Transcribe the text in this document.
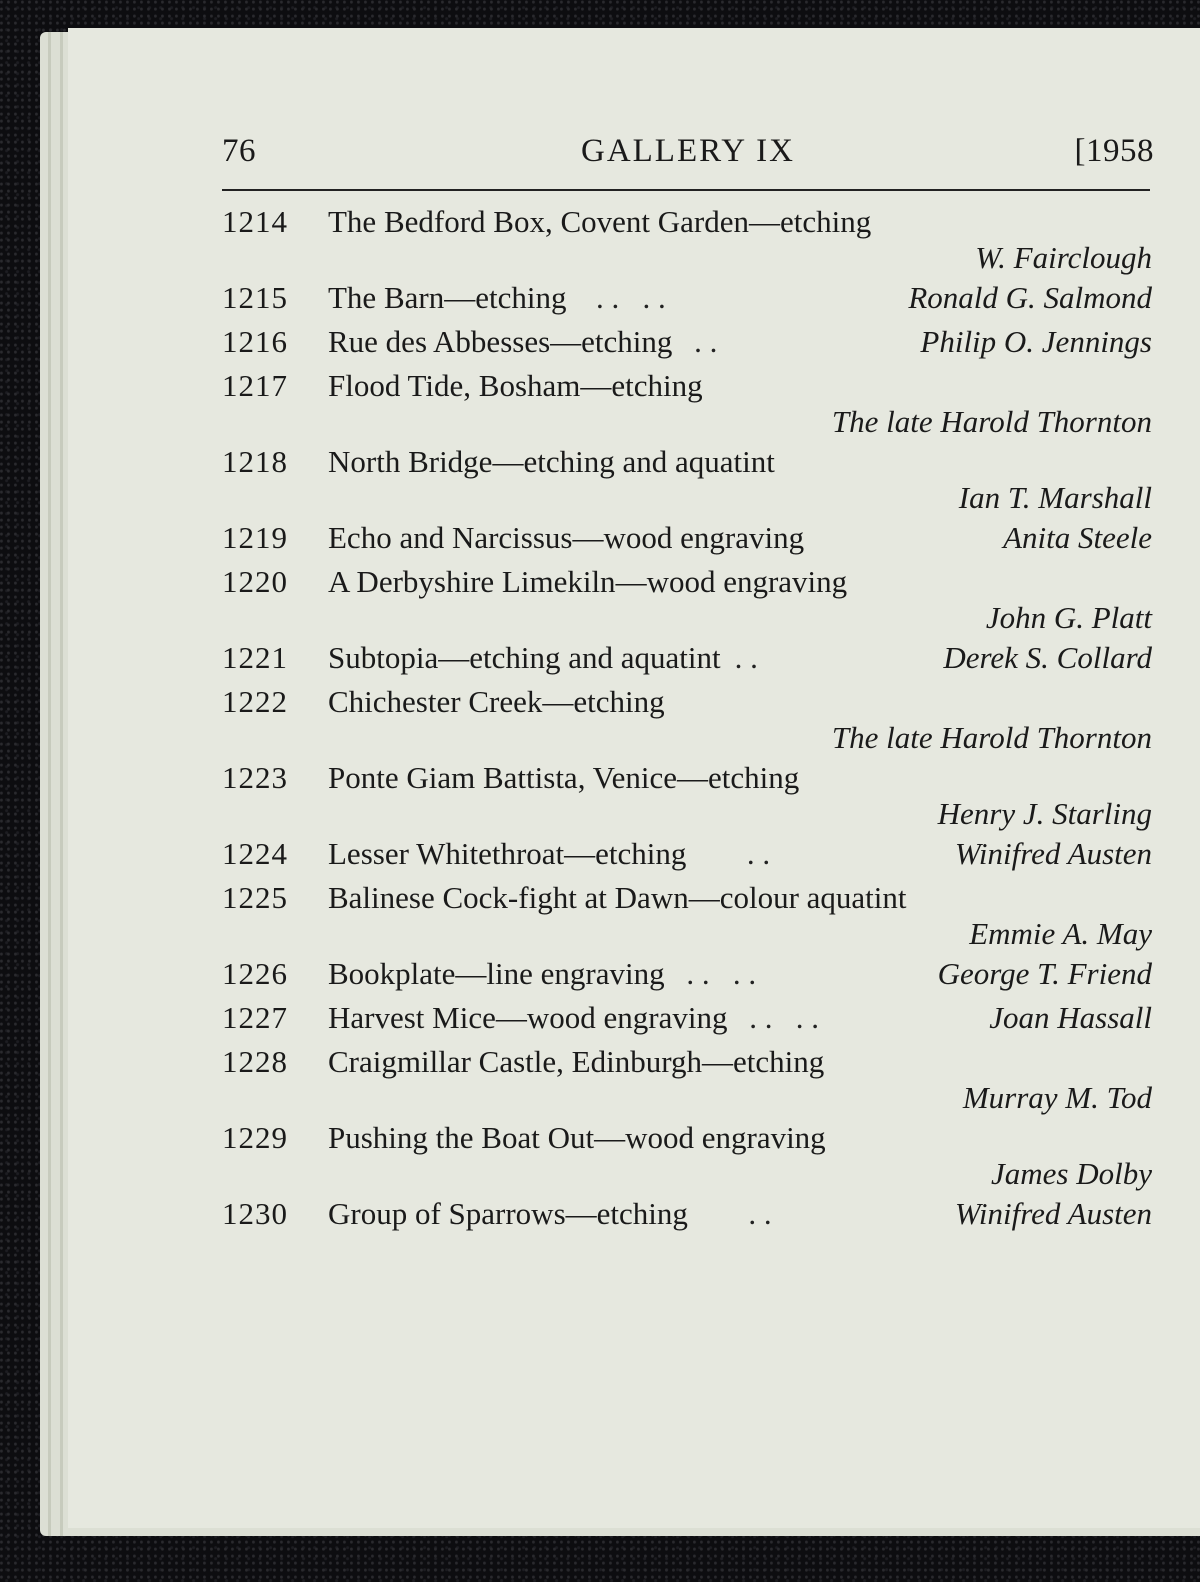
76	GALLERY IX	[1958
1214	The Bedford Box, Covent Garden—etching
W. Fairclough
1215	The Barn—etching . .   . .	Ronald G. Salmond
1216	Rue des Abbesses—etching . .	Philip O. Jennings
1217	Flood Tide, Bosham—etching
The late Harold Thornton
1218	North Bridge—etching and aquatint
Ian T. Marshall
1219	Echo and Narcissus—wood engraving	Anita Steele
1220	A Derbyshire Limekiln—wood engraving
John G. Platt
1221	Subtopia—etching and aquatint . .	Derek S. Collard
1222	Chichester Creek—etching
The late Harold Thornton
1223	Ponte Giam Battista, Venice—etching
Henry J. Starling
1224	Lesser Whitethroat—etching . .	Winifred Austen
1225	Balinese Cock-fight at Dawn—colour aquatint
Emmie A. May
1226	Bookplate—line engraving . .   . .	George T. Friend
1227	Harvest Mice—wood engraving . .   . .	Joan Hassall
1228	Craigmillar Castle, Edinburgh—etching
Murray M. Tod
1229	Pushing the Boat Out—wood engraving
James Dolby
1230	Group of Sparrows—etching . .	Winifred Austen
